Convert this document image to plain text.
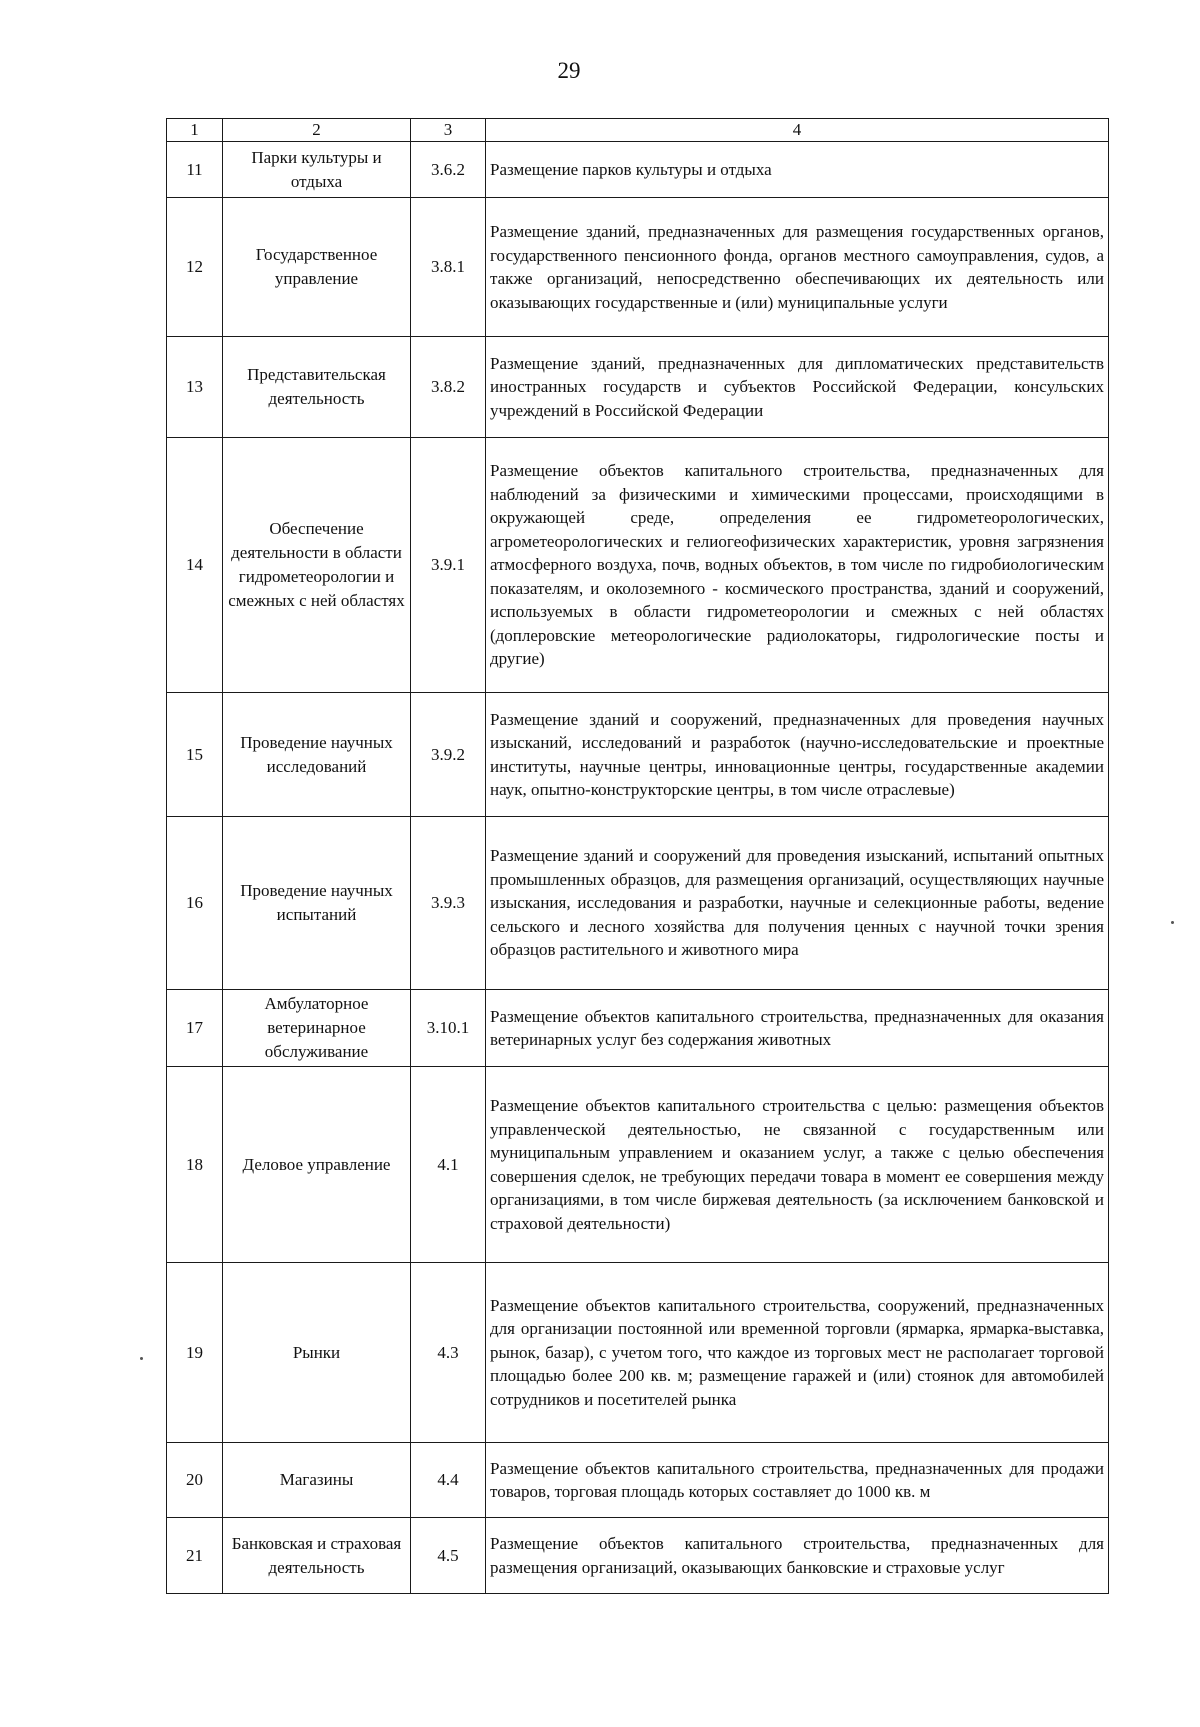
29
1	2	3	4
11	Парки культуры и отдыха	3.6.2	Размещение парков культуры и отдыха
12	Государственное управление	3.8.1	Размещение зданий, предназначенных для размещения государственных органов, государственного пенсионного фонда, органов местного самоуправления, судов, а также организаций, непосредственно обеспечивающих их деятельность или оказывающих государственные и (или) муниципальные услуги
13	Представительская деятельность	3.8.2	Размещение зданий, предназначенных для дипломатических представительств иностранных государств и субъектов Российской Федерации, консульских учреждений в Российской Федерации
14	Обеспечение деятельности в области гидрометеорологии и смежных с ней областях	3.9.1	Размещение объектов капитального строительства, предназначенных для наблюдений за физическими и химическими процессами, происходящими в окружающей среде, определения ее гидрометеорологических, агрометеорологических и гелиогеофизических характеристик, уровня загрязнения атмосферного воздуха, почв, водных объектов, в том числе по гидробиологическим показателям, и околоземного - космического пространства, зданий и сооружений, используемых в области гидрометеорологии и смежных с ней областях (доплеровские метеорологические радиолокаторы, гидрологические посты и другие)
15	Проведение научных исследований	3.9.2	Размещение зданий и сооружений, предназначенных для проведения научных изысканий, исследований и разработок (научно-исследовательские и проектные институты, научные центры, инновационные центры, государственные академии наук, опытно-конструкторские центры, в том числе отраслевые)
16	Проведение научных испытаний	3.9.3	Размещение зданий и сооружений для проведения изысканий, испытаний опытных промышленных образцов, для размещения организаций, осуществляющих научные изыскания, исследования и разработки, научные и селекционные работы, ведение сельского и лесного хозяйства для получения ценных с научной точки зрения образцов растительного и животного мира
17	Амбулаторное ветеринарное обслуживание	3.10.1	Размещение объектов капитального строительства, предназначенных для оказания ветеринарных услуг без содержания животных
18	Деловое управление	4.1	Размещение объектов капитального строительства с целью: размещения объектов управленческой деятельностью, не связанной с государственным или муниципальным управлением и оказанием услуг, а также с целью обеспечения совершения сделок, не требующих передачи товара в момент ее совершения между организациями, в том числе биржевая деятельность (за исключением банковской и страховой деятельности)
19	Рынки	4.3	Размещение объектов капитального строительства, сооружений, предназначенных для организации постоянной или временной торговли (ярмарка, ярмарка-выставка, рынок, базар), с учетом того, что каждое из торговых мест не располагает торговой площадью более 200 кв. м; размещение гаражей и (или) стоянок для автомобилей сотрудников и посетителей рынка
20	Магазины	4.4	Размещение объектов капитального строительства, предназначенных для продажи товаров, торговая площадь которых составляет до 1000 кв. м
21	Банковская и страховая деятельность	4.5	Размещение объектов капитального строительства, предназначенных для размещения организаций, оказывающих банковские и страховые услуг
